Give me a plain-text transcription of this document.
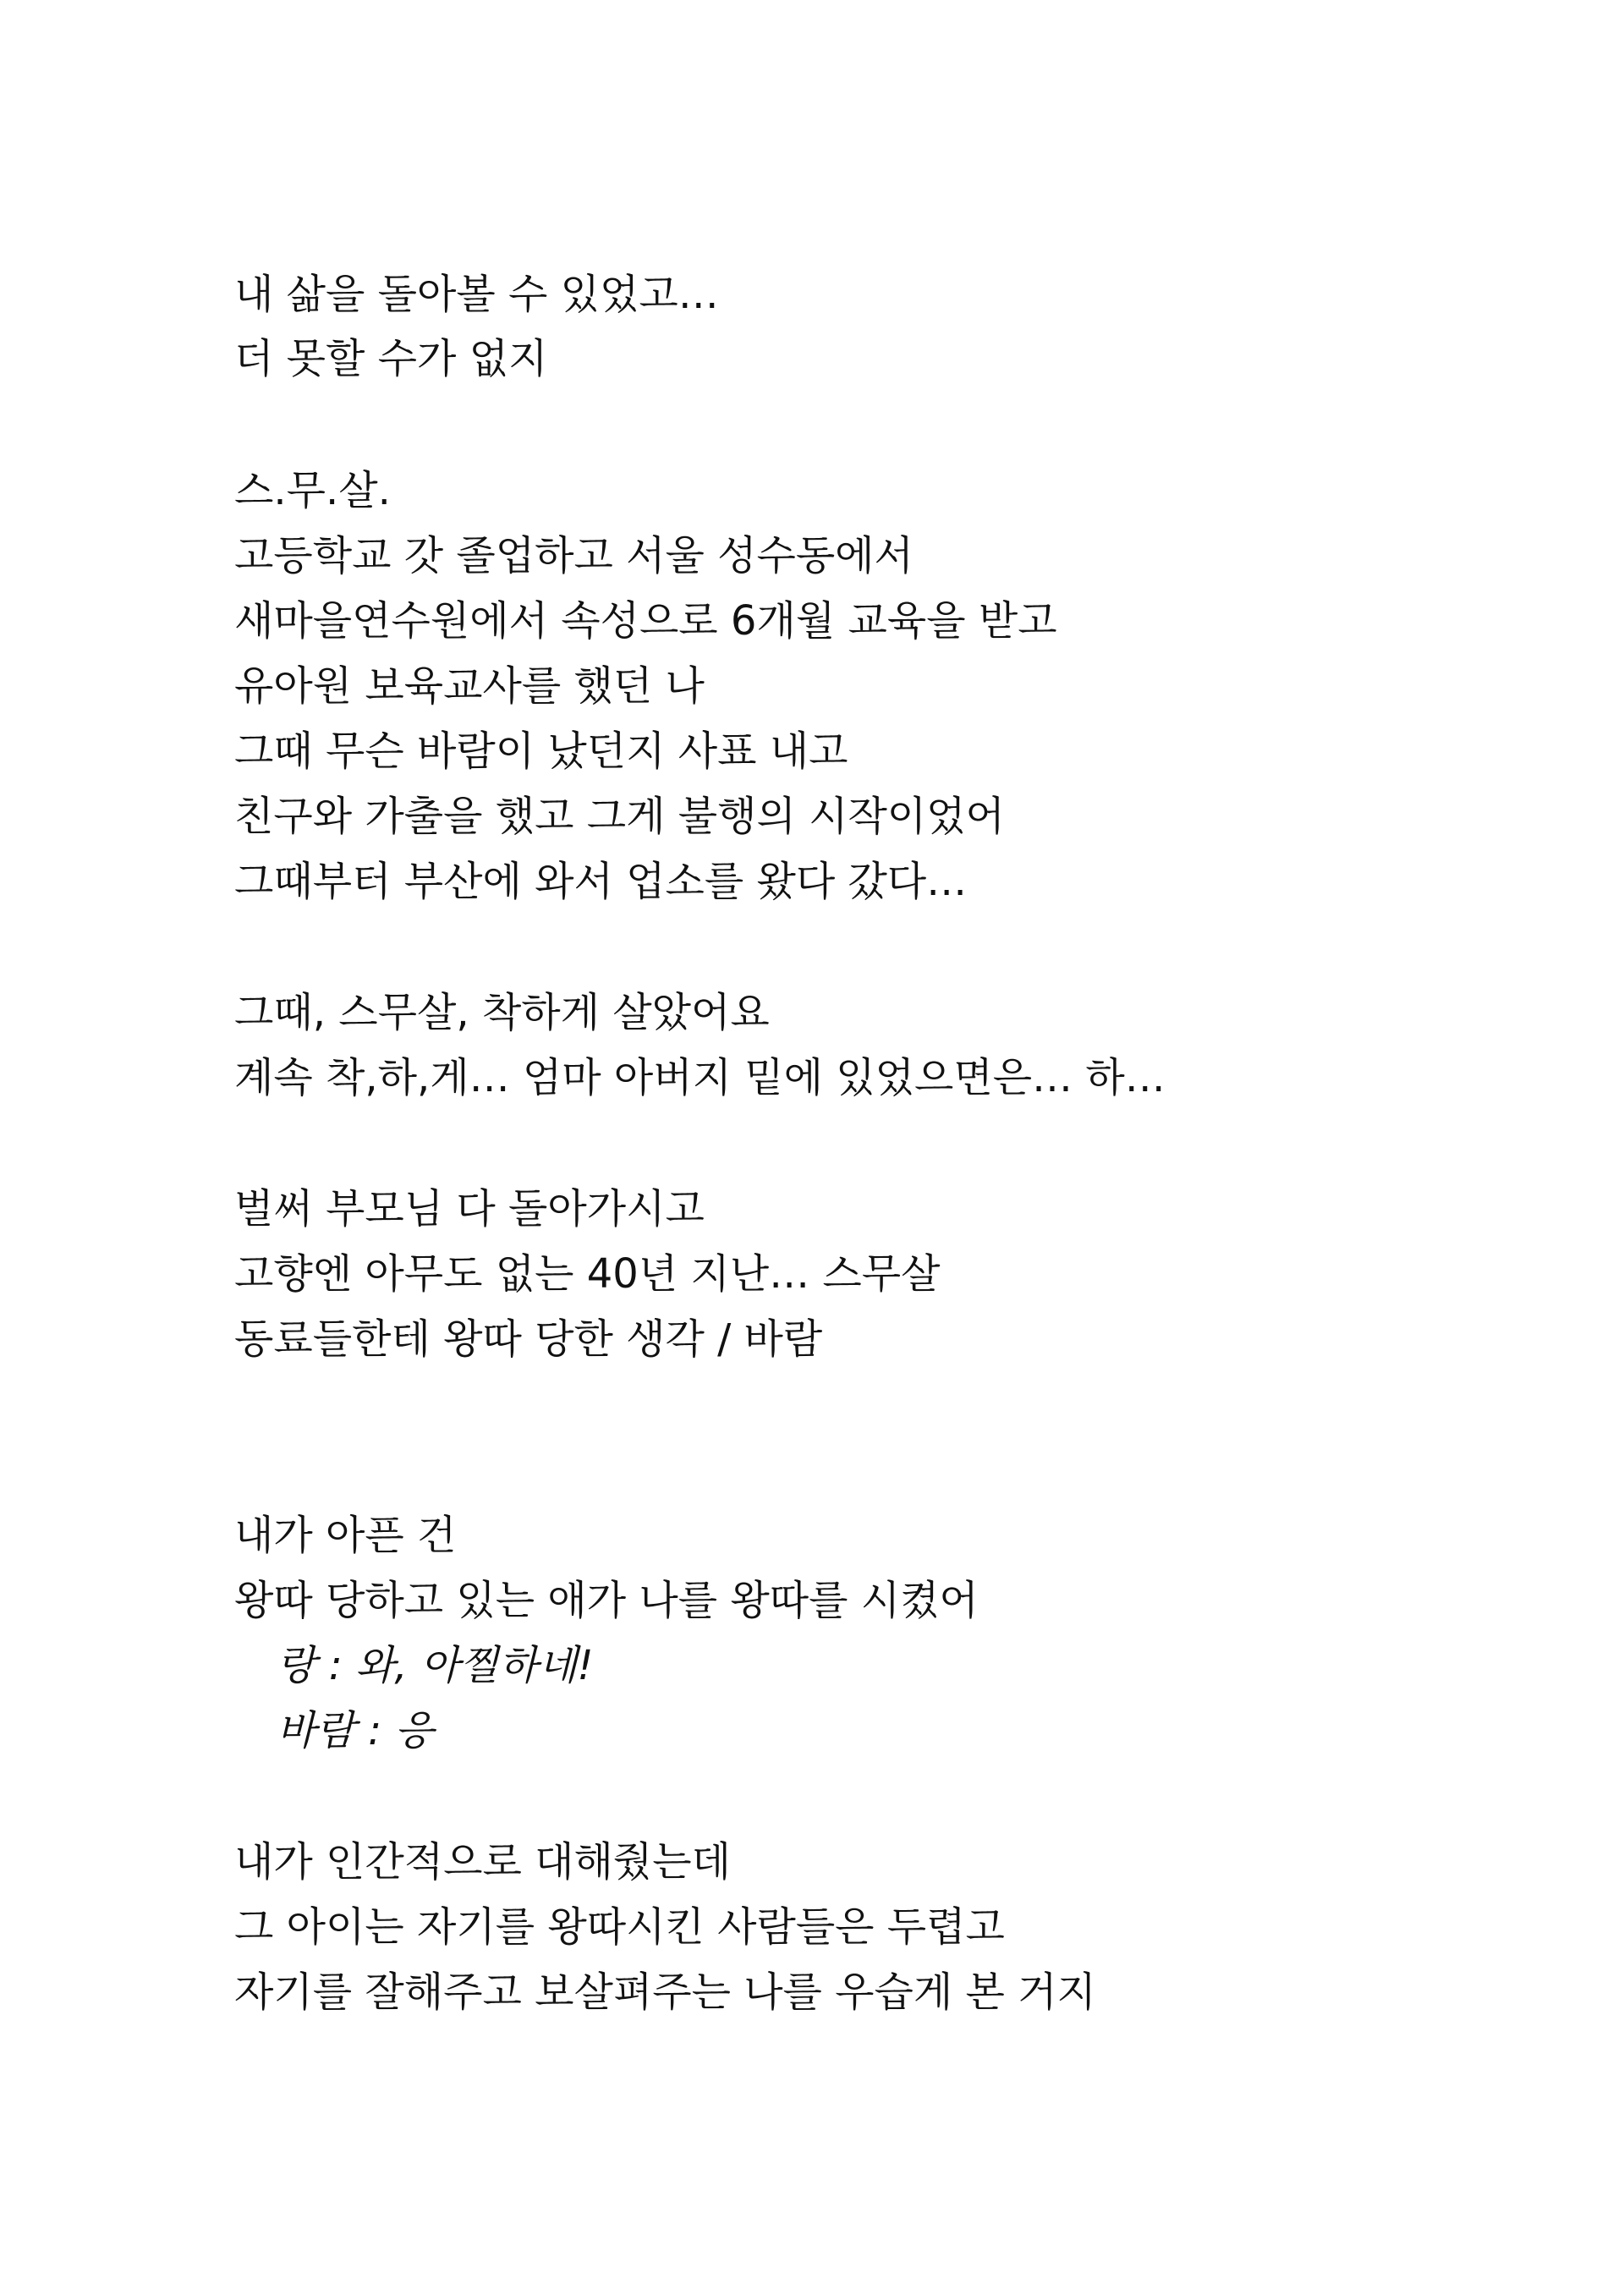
내 삶을 돌아볼 수 있었고…

더 못할 수가 없지

스.무.살.

고등학교 갓 졸업하고 서울 성수동에서

새마을연수원에서 속성으로 6개월 교육을 받고

유아원 보육교사를 했던 나

그때 무슨 바람이 났던지 사표 내고

친구와 가출을 했고 그게 불행의 시작이었어

그때부터 부산에 와서 업소를 왔다 갔다…

그때, 스무살, 착하게 살았어요

계속 착,하,게… 엄마 아버지 밑에 있었으면은… 하…

벌써 부모님 다 돌아가시고

고향엔 아무도 없는 40년 지난… 스무살

동료들한테 왕따 당한 생각 / 바람

내가 아픈 건

왕따 당하고 있는 애가 나를 왕따를 시켰어

랑 : 와, 아찔하네!

바람 : 응

내가 인간적으로 대해줬는데

그 아이는 자기를 왕따시킨 사람들은 두렵고

자기를 잘해주고 보살펴주는 나를 우습게 본 거지
